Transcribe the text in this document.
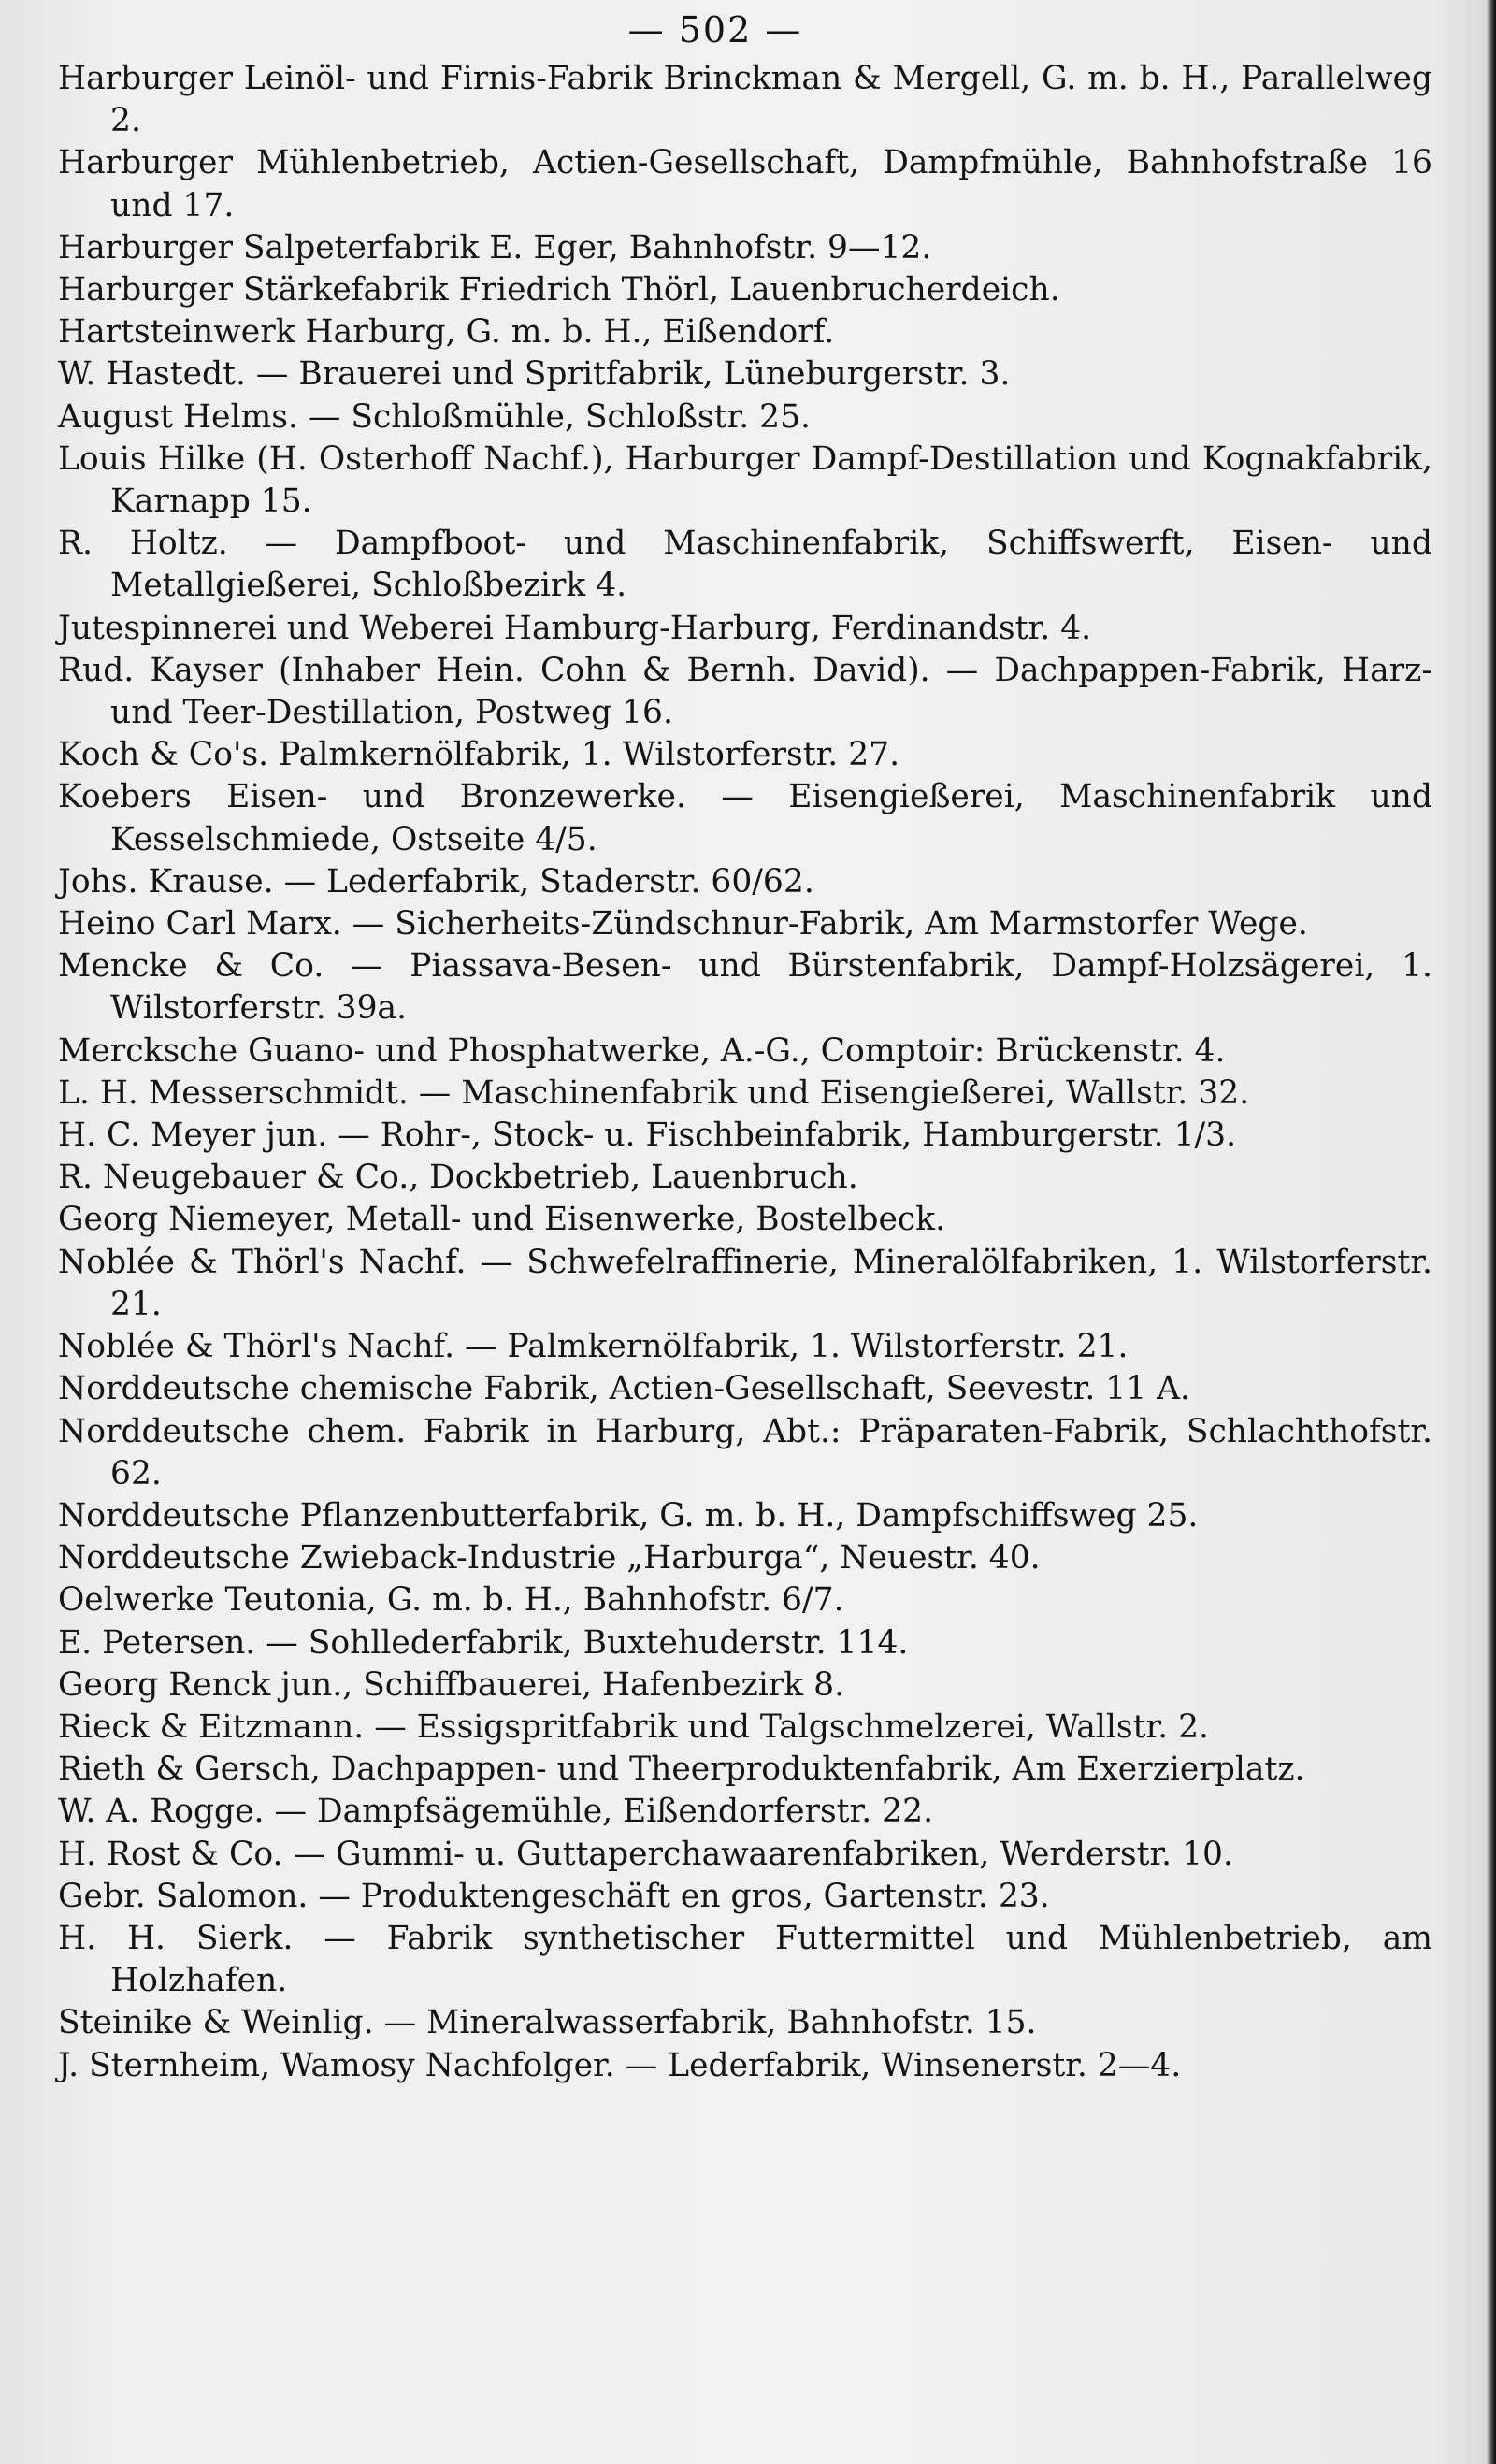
— 502 —
Harburger Leinöl- und Firnis-Fabrik Brinckman & Mergell, G. m. b. H., Parallelweg 2.
Harburger Mühlenbetrieb, Actien-Gesellschaft, Dampfmühle, Bahnhofstraße 16 und 17.
Harburger Salpeterfabrik E. Eger, Bahnhofstr. 9—12.
Harburger Stärkefabrik Friedrich Thörl, Lauenbrucherdeich.
Hartsteinwerk Harburg, G. m. b. H., Eißendorf.
W. Hastedt. — Brauerei und Spritfabrik, Lüneburgerstr. 3.
August Helms. — Schloßmühle, Schloßstr. 25.
Louis Hilke (H. Osterhoff Nachf.), Harburger Dampf-Destillation und Kognakfabrik, Karnapp 15.
R. Holtz. — Dampfboot- und Maschinenfabrik, Schiffswerft, Eisen- und Metallgießerei, Schloßbezirk 4.
Jutespinnerei und Weberei Hamburg-Harburg, Ferdinandstr. 4.
Rud. Kayser (Inhaber Hein. Cohn & Bernh. David). — Dachpappen-Fabrik, Harz- und Teer-Destillation, Postweg 16.
Koch & Co's. Palmkernölfabrik, 1. Wilstorferstr. 27.
Koebers Eisen- und Bronzewerke. — Eisengießerei, Maschinenfabrik und Kesselschmiede, Ostseite 4/5.
Johs. Krause. — Lederfabrik, Staderstr. 60/62.
Heino Carl Marx. — Sicherheits-Zündschnur-Fabrik, Am Marmstorfer Wege.
Mencke & Co. — Piassava-Besen- und Bürstenfabrik, Dampf-Holzsägerei, 1. Wilstorferstr. 39a.
Mercksche Guano- und Phosphatwerke, A.-G., Comptoir: Brückenstr. 4.
L. H. Messerschmidt. — Maschinenfabrik und Eisengießerei, Wallstr. 32.
H. C. Meyer jun. — Rohr-, Stock- u. Fischbeinfabrik, Hamburgerstr. 1/3.
R. Neugebauer & Co., Dockbetrieb, Lauenbruch.
Georg Niemeyer, Metall- und Eisenwerke, Bostelbeck.
Noblée & Thörl's Nachf. — Schwefelraffinerie, Mineralölfabriken, 1. Wilstorferstr. 21.
Noblée & Thörl's Nachf. — Palmkernölfabrik, 1. Wilstorferstr. 21.
Norddeutsche chemische Fabrik, Actien-Gesellschaft, Seevestr. 11 A.
Norddeutsche chem. Fabrik in Harburg, Abt.: Präparaten-Fabrik, Schlachthofstr. 62.
Norddeutsche Pflanzenbutterfabrik, G. m. b. H., Dampfschiffsweg 25.
Norddeutsche Zwieback-Industrie „Harburga“, Neuestr. 40.
Oelwerke Teutonia, G. m. b. H., Bahnhofstr. 6/7.
E. Petersen. — Sohllederfabrik, Buxtehuderstr. 114.
Georg Renck jun., Schiffbauerei, Hafenbezirk 8.
Rieck & Eitzmann. — Essigspritfabrik und Talgschmelzerei, Wallstr. 2.
Rieth & Gersch, Dachpappen- und Theerproduktenfabrik, Am Exerzierplatz.
W. A. Rogge. — Dampfsägemühle, Eißendorferstr. 22.
H. Rost & Co. — Gummi- u. Guttaperchawaarenfabriken, Werderstr. 10.
Gebr. Salomon. — Produktengeschäft en gros, Gartenstr. 23.
H. H. Sierk. — Fabrik synthetischer Futtermittel und Mühlenbetrieb, am Holzhafen.
Steinike & Weinlig. — Mineralwasserfabrik, Bahnhofstr. 15.
J. Sternheim, Wamosy Nachfolger. — Lederfabrik, Winsenerstr. 2—4.
